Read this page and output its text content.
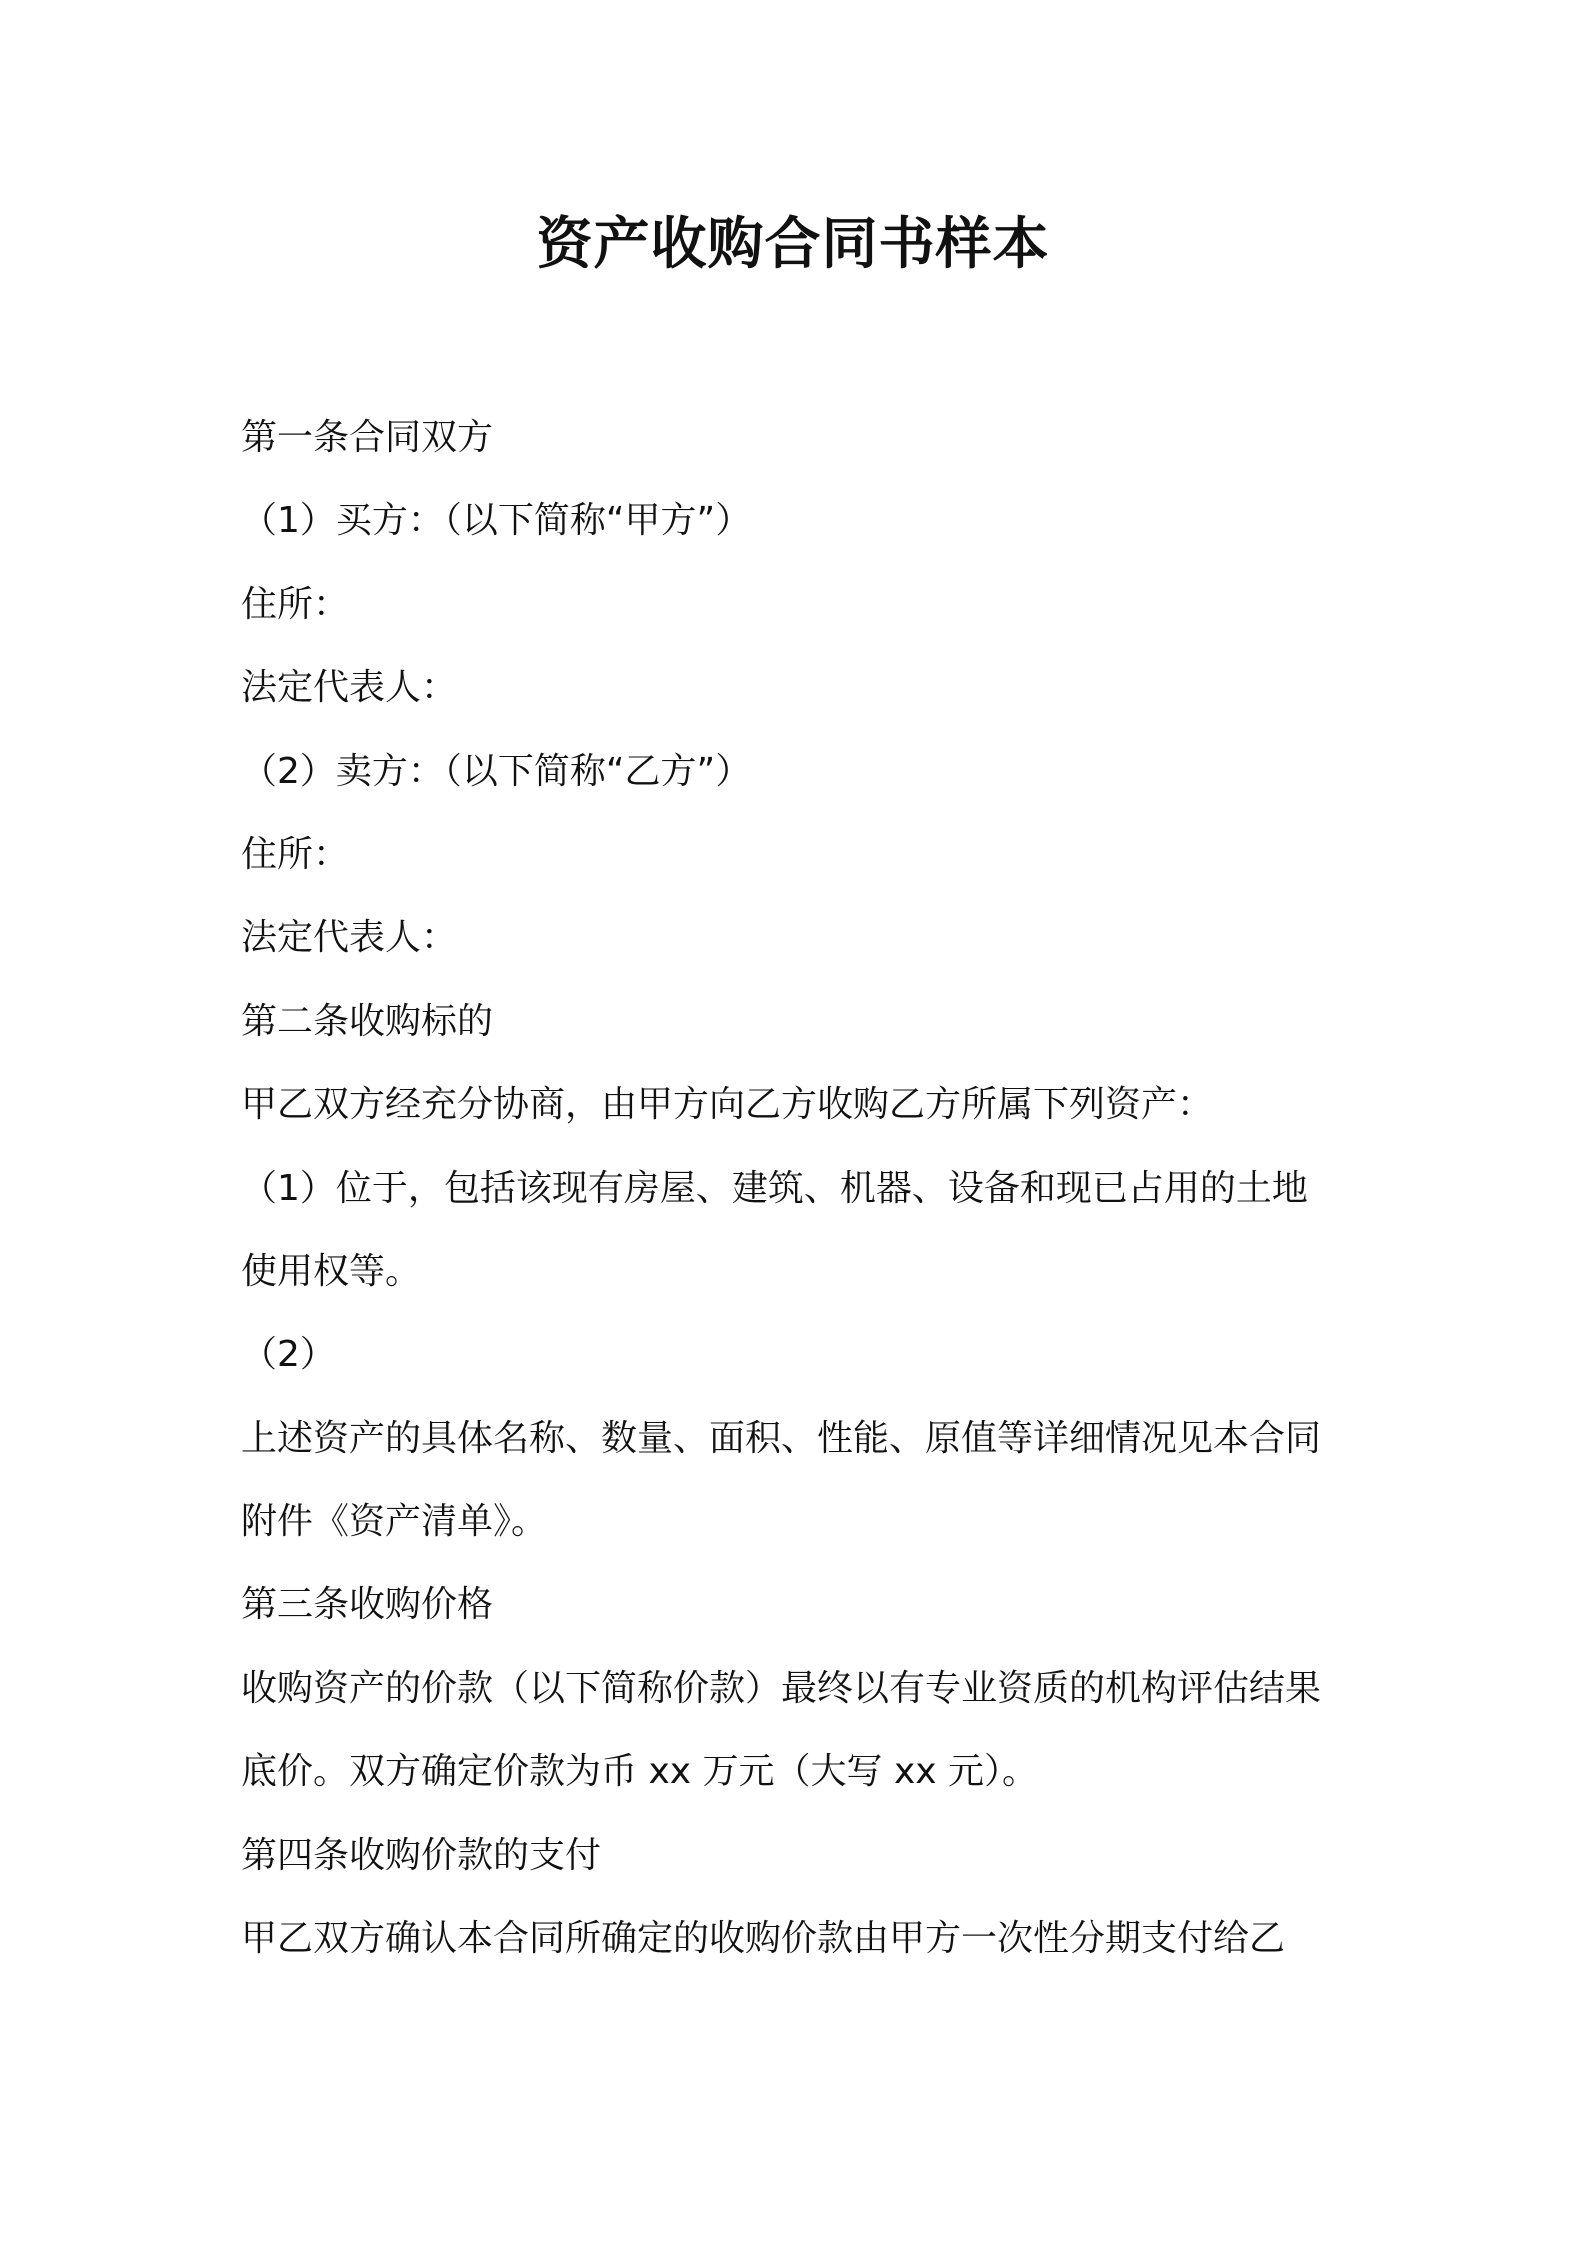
资产收购合同书样本

第一条合同双方

（1）买方：（以下简称“甲方”）

住所：

法定代表人：

（2）卖方：（以下简称“乙方”）

住所：

法定代表人：

第二条收购标的

甲乙双方经充分协商，由甲方向乙方收购乙方所属下列资产：

（1）位于，包括该现有房屋、建筑、机器、设备和现已占用的土地

使用权等。

（2）

上述资产的具体名称、数量、面积、性能、原值等详细情况见本合同

附件《资产清单》。

第三条收购价格

收购资产的价款（以下简称价款）最终以有专业资质的机构评估结果

底价。双方确定价款为币 xx 万元（大写 xx 元）。

第四条收购价款的支付

甲乙双方确认本合同所确定的收购价款由甲方一次性分期支付给乙
